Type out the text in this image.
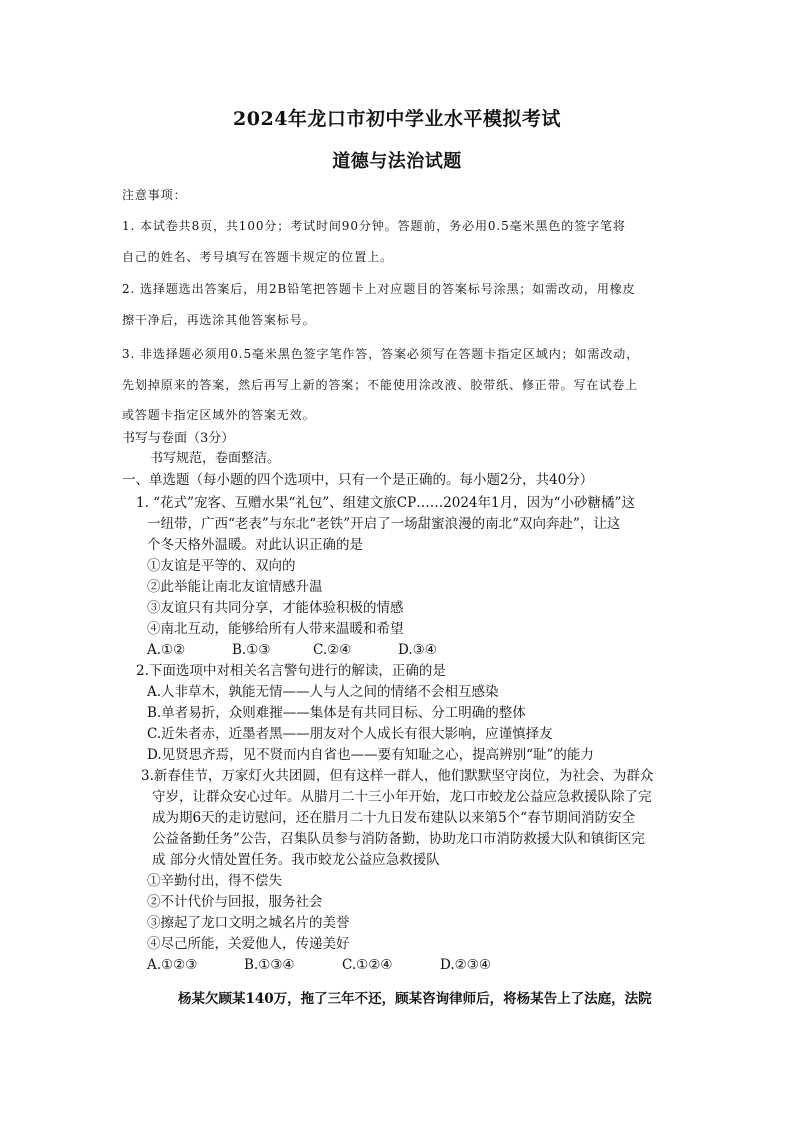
2024年龙口市初中学业水平模拟考试
道德与法治试题
注意事项：
1. 本试卷共8页，共100分；考试时间90分钟。答题前，务必用0.5毫米黑色的签字笔将
自己的姓名、考号填写在答题卡规定的位置上。
2. 选择题选出答案后，用2B铅笔把答题卡上对应题目的答案标号涂黑；如需改动，用橡皮
擦干净后，再选涂其他答案标号。
3. 非选择题必须用0.5毫米黑色签字笔作答，答案必须写在答题卡指定区域内；如需改动，
先划掉原来的答案，然后再写上新的答案；不能使用涂改液、胶带纸、修正带。写在试卷上
或答题卡指定区域外的答案无效。
书写与卷面（3分）
书写规范，卷面整洁。
一、单选题（每小题的四个选项中，只有一个是正确的。每小题2分，共40分）
1. “花式”宠客、互赠水果“礼包”、组建文旅CP……2024年1月，因为“小砂糖橘”这
一纽带，广西“老表”与东北“老铁”开启了一场甜蜜浪漫的南北“双向奔赴”，让这
个冬天格外温暖。对此认识正确的是
①友谊是平等的、双向的
②此举能让南北友谊情感升温
③友谊只有共同分享，才能体验积极的情感
④南北互动，能够给所有人带来温暖和希望
A.①②	B.①③	C.②④	D.③④
2.下面选项中对相关名言警句进行的解读，正确的是
A.人非草木，孰能无情——人与人之间的情绪不会相互感染
B.单者易折，众则难摧——集体是有共同目标、分工明确的整体
C.近朱者赤，近墨者黑——朋友对个人成长有很大影响，应谨慎择友
D.见贤思齐焉，见不贤而内自省也——要有知耻之心，提高辨别“耻”的能力
3.新春佳节，万家灯火共团圆，但有这样一群人，他们默默坚守岗位，为社会、为群众
守岁，让群众安心过年。从腊月二十三小年开始，龙口市蛟龙公益应急救援队除了完
成为期6天的走访慰问，还在腊月二十九日发布建队以来第5个“春节期间消防安全
公益备勤任务”公告，召集队员参与消防备勤，协助龙口市消防救援大队和镇街区完
成 部分火情处置任务。我市蛟龙公益应急救援队
①辛勤付出，得不偿失
②不计代价与回报，服务社会
③擦起了龙口文明之城名片的美誉
④尽己所能，关爱他人，传递美好
A.①②③	B.①③④	C.①②④	D.②③④
杨某欠顾某140万，拖了三年不还，顾某咨询律师后，将杨某告上了法庭，法院
